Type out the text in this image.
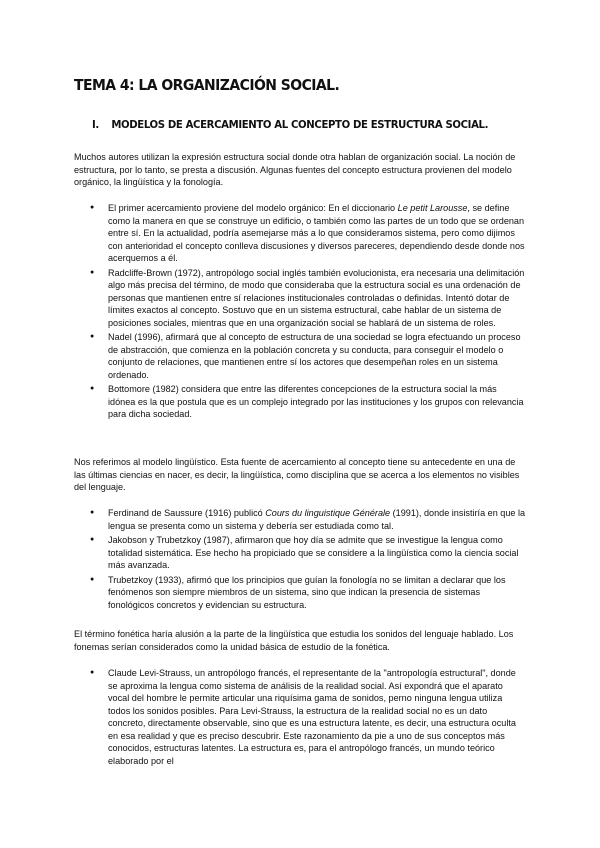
TEMA 4: LA ORGANIZACIÓN SOCIAL.
I. MODELOS DE ACERCAMIENTO AL CONCEPTO DE ESTRUCTURA SOCIAL.

Muchos autores utilizan la expresión estructura social donde otra hablan de organización social. La noción de estructura, por lo tanto, se presta a discusión. Algunas fuentes del concepto estructura provienen del modelo orgánico, la lingüística y la fonología.

● El primer acercamiento proviene del modelo orgánico: En el diccionario Le petit Larousse, se define como la manera en que se construye un edificio, o también como las partes de un todo que se ordenan entre sí. En la actualidad, podría asemejarse más a lo que consideramos sistema, pero como dijimos con anterioridad el concepto conlleva discusiones y diversos pareceres, dependiendo desde donde nos acerquemos a él.
● Radcliffe-Brown (1972), antropólogo social inglés también evolucionista, era necesaria una delimitación algo más precisa del término, de modo que consideraba que la estructura social es una ordenación de personas que mantienen entre sí relaciones institucionales controladas o definidas. Intentó dotar de límites exactos al concepto. Sostuvo que en un sistema estructural, cabe hablar de un sistema de posiciones sociales, mientras que en una organización social se hablará de un sistema de roles.
● Nadel (1996), afirmará que al concepto de estructura de una sociedad se logra efectuando un proceso de abstracción, que comienza en la población concreta y su conducta, para conseguir el modelo o conjunto de relaciones, que mantienen entre sí los actores que desempeñan roles en un sistema ordenado.
● Bottomore (1982) considera que entre las diferentes concepciones de la estructura social la más idónea es la que postula que es un complejo integrado por las instituciones y los grupos con relevancia para dicha sociedad.

Nos referimos al modelo lingüístico. Esta fuente de acercamiento al concepto tiene su antecedente en una de las últimas ciencias en nacer, es decir, la lingüística, como disciplina que se acerca a los elementos no visibles del lenguaje.

● Ferdinand de Saussure (1916) publicó Cours du linguistique Générale (1991), donde insistiría en que la lengua se presenta como un sistema y debería ser estudiada como tal.
● Jakobson y Trubetzkoy (1987), afirmaron que hoy día se admite que se investigue la lengua como totalidad sistemática. Ese hecho ha propiciado que se considere a la lingüística como la ciencia social más avanzada.
● Trubetzkoy (1933), afirmó que los principios que guían la fonología no se limitan a declarar que los fenómenos son siempre miembros de un sistema, sino que indican la presencia de sistemas fonológicos concretos y evidencian su estructura.

El término fonética haría alusión a la parte de la lingüística que estudia los sonidos del lenguaje hablado. Los fonemas serían considerados como la unidad básica de estudio de la fonética.

● Claude Levi-Strauss, un antropólogo francés, el representante de la "antropología estructural", donde se aproxima la lengua como sistema de análisis de la realidad social. Así expondrá que el aparato vocal del hombre le permite articular una riquísima gama de sonidos, perno ninguna lengua utiliza todos los sonidos posibles. Para Levi-Strauss, la estructura de la realidad social no es un dato concreto, directamente observable, sino que es una estructura latente, es decir, una estructura oculta en esa realidad y que es preciso descubrir. Este razonamiento da pie a uno de sus conceptos más conocidos, estructuras latentes. La estructura es, para el antropólogo francés, un mundo teórico elaborado por el
